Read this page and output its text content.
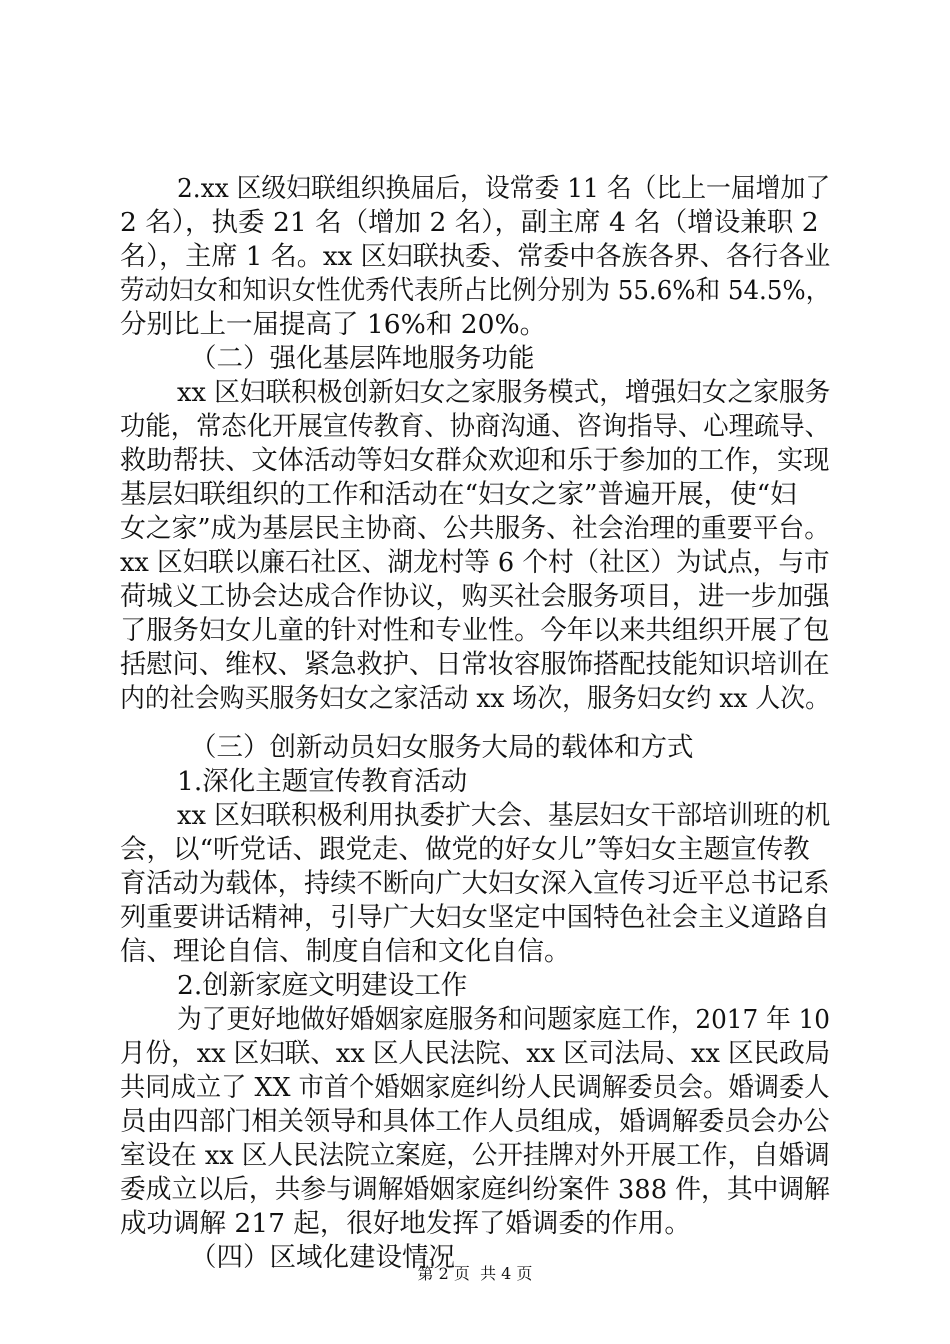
2.xx 区级妇联组织换届后，设常委 11 名（比上一届增加了
2 名），执委 21 名（增加 2 名），副主席 4 名（增设兼职 2
名），主席 1 名。xx 区妇联执委、常委中各族各界、各行各业
劳动妇女和知识女性优秀代表所占比例分别为 55.6%和 54.5%，
分别比上一届提高了 16%和 20%。
（二）强化基层阵地服务功能
xx 区妇联积极创新妇女之家服务模式，增强妇女之家服务
功能，常态化开展宣传教育、协商沟通、咨询指导、心理疏导、
救助帮扶、文体活动等妇女群众欢迎和乐于参加的工作，实现
基层妇联组织的工作和活动在“妇女之家”普遍开展，使“妇
女之家”成为基层民主协商、公共服务、社会治理的重要平台。
xx 区妇联以廉石社区、湖龙村等 6 个村（社区）为试点，与市
荷城义工协会达成合作协议，购买社会服务项目，进一步加强
了服务妇女儿童的针对性和专业性。今年以来共组织开展了包
括慰问、维权、紧急救护、日常妆容服饰搭配技能知识培训在
内的社会购买服务妇女之家活动 xx 场次，服务妇女约 xx 人次。
（三）创新动员妇女服务大局的载体和方式
1.深化主题宣传教育活动
xx 区妇联积极利用执委扩大会、基层妇女干部培训班的机
会，以“听党话、跟党走、做党的好女儿”等妇女主题宣传教
育活动为载体，持续不断向广大妇女深入宣传习近平总书记系
列重要讲话精神，引导广大妇女坚定中国特色社会主义道路自
信、理论自信、制度自信和文化自信。
2.创新家庭文明建设工作
为了更好地做好婚姻家庭服务和问题家庭工作，2017 年 10
月份，xx 区妇联、xx 区人民法院、xx 区司法局、xx 区民政局
共同成立了 XX 市首个婚姻家庭纠纷人民调解委员会。婚调委人
员由四部门相关领导和具体工作人员组成，婚调解委员会办公
室设在 xx 区人民法院立案庭，公开挂牌对外开展工作，自婚调
委成立以后，共参与调解婚姻家庭纠纷案件 388 件，其中调解
成功调解 217 起，很好地发挥了婚调委的作用。
（四）区域化建设情况
第 2 页  共 4 页
